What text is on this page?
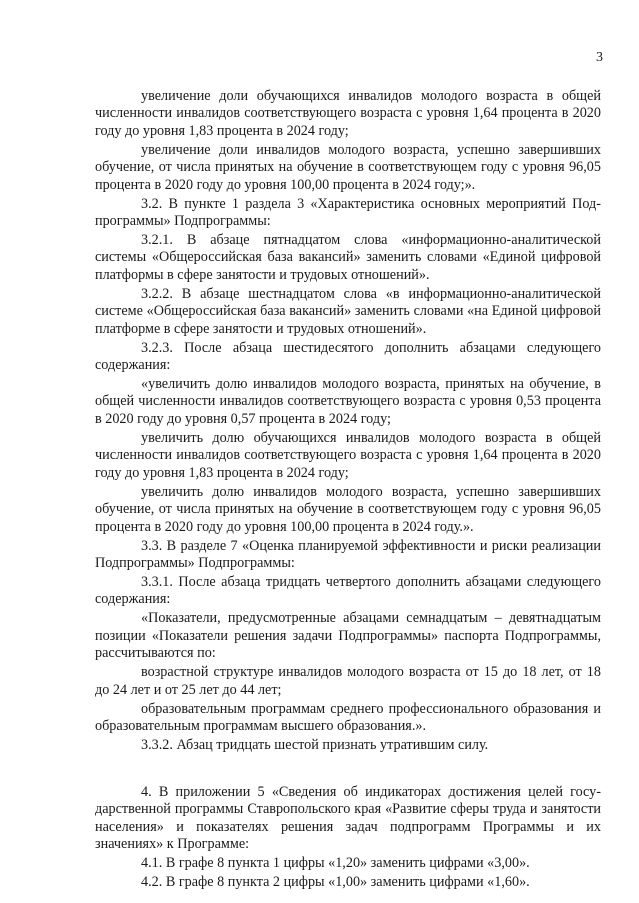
3

увеличение доли обучающихся инвалидов молодого возраста в общей численности инвалидов соответствующего возраста с уровня 1,64 процента в 2020 году до уровня 1,83 процента в 2024 году;

увеличение доли инвалидов молодого возраста, успешно завершивших обучение, от числа принятых на обучение в соответствующем году с уровня 96,05 процента в 2020 году до уровня 100,00 процента в 2024 году;».

3.2. В пункте 1 раздела 3 «Характеристика основных мероприятий Подпрограммы» Подпрограммы:

3.2.1. В абзаце пятнадцатом слова «информационно-аналитической системы «Общероссийская база вакансий» заменить словами «Единой цифровой платформы в сфере занятости и трудовых отношений».

3.2.2. В абзаце шестнадцатом слова «в информационно-аналитической системе «Общероссийская база вакансий» заменить словами «на Единой цифровой платформе в сфере занятости и трудовых отношений».

3.2.3. После абзаца шестидесятого дополнить абзацами следующего содержания:

«увеличить долю инвалидов молодого возраста, принятых на обучение, в общей численности инвалидов соответствующего возраста с уровня 0,53 процента в 2020 году до уровня 0,57 процента в 2024 году;

увеличить долю обучающихся инвалидов молодого возраста в общей численности инвалидов соответствующего возраста с уровня 1,64 процента в 2020 году до уровня 1,83 процента в 2024 году;

увеличить долю инвалидов молодого возраста, успешно завершивших обучение, от числа принятых на обучение в соответствующем году с уровня 96,05 процента в 2020 году до уровня 100,00 процента в 2024 году.».

3.3. В разделе 7 «Оценка планируемой эффективности и риски реализации Подпрограммы» Подпрограммы:

3.3.1. После абзаца тридцать четвертого дополнить абзацами следующего содержания:

«Показатели, предусмотренные абзацами семнадцатым – девятнадцатым позиции «Показатели решения задачи Подпрограммы» паспорта Подпрограммы, рассчитываются по:

возрастной структуре инвалидов молодого возраста от 15 до 18 лет, от 18 до 24 лет и от 25 лет до 44 лет;

образовательным программам среднего профессионального образования и образовательным программам высшего образования.».

3.3.2. Абзац тридцать шестой признать утратившим силу.

4. В приложении 5 «Сведения об индикаторах достижения целей государственной программы Ставропольского края «Развитие сферы труда и занятости населения» и показателях решения задач подпрограмм Программы и их значениях» к Программе:

4.1. В графе 8 пункта 1 цифры «1,20» заменить цифрами «3,00».

4.2. В графе 8 пункта 2 цифры «1,00» заменить цифрами «1,60».
